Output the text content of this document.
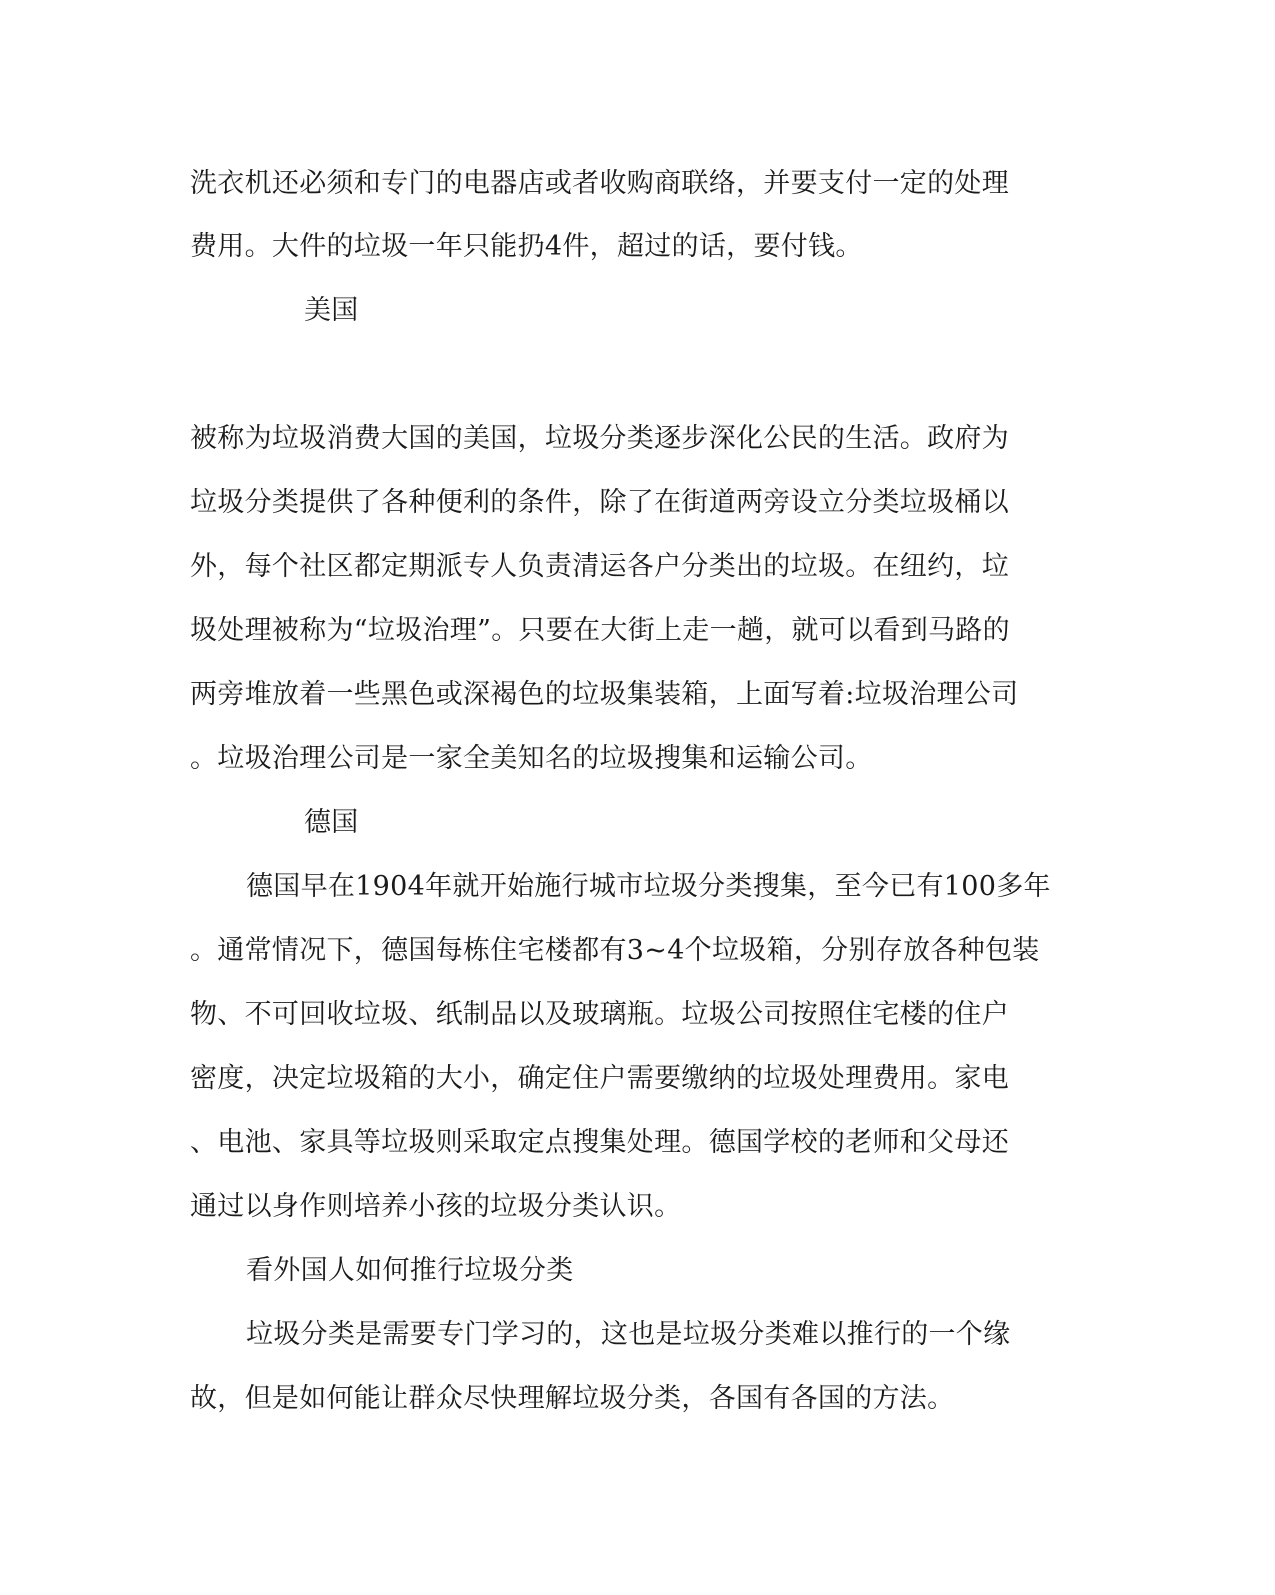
洗衣机还必须和专门的电器店或者收购商联络，并要支付一定的处理

费用。大件的垃圾一年只能扔4件，超过的话，要付钱。

美国

被称为垃圾消费大国的美国，垃圾分类逐步深化公民的生活。政府为

垃圾分类提供了各种便利的条件，除了在街道两旁设立分类垃圾桶以

外，每个社区都定期派专人负责清运各户分类出的垃圾。在纽约，垃

圾处理被称为“垃圾治理”。只要在大街上走一趟，就可以看到马路的

两旁堆放着一些黑色或深褐色的垃圾集装箱，上面写着:垃圾治理公司

。垃圾治理公司是一家全美知名的垃圾搜集和运输公司。

德国

德国早在1904年就开始施行城市垃圾分类搜集，至今已有100多年

。通常情况下，德国每栋住宅楼都有3~4个垃圾箱，分别存放各种包装

物、不可回收垃圾、纸制品以及玻璃瓶。垃圾公司按照住宅楼的住户

密度，决定垃圾箱的大小，确定住户需要缴纳的垃圾处理费用。家电

、电池、家具等垃圾则采取定点搜集处理。德国学校的老师和父母还

通过以身作则培养小孩的垃圾分类认识。

看外国人如何推行垃圾分类

垃圾分类是需要专门学习的，这也是垃圾分类难以推行的一个缘

故，但是如何能让群众尽快理解垃圾分类，各国有各国的方法。
